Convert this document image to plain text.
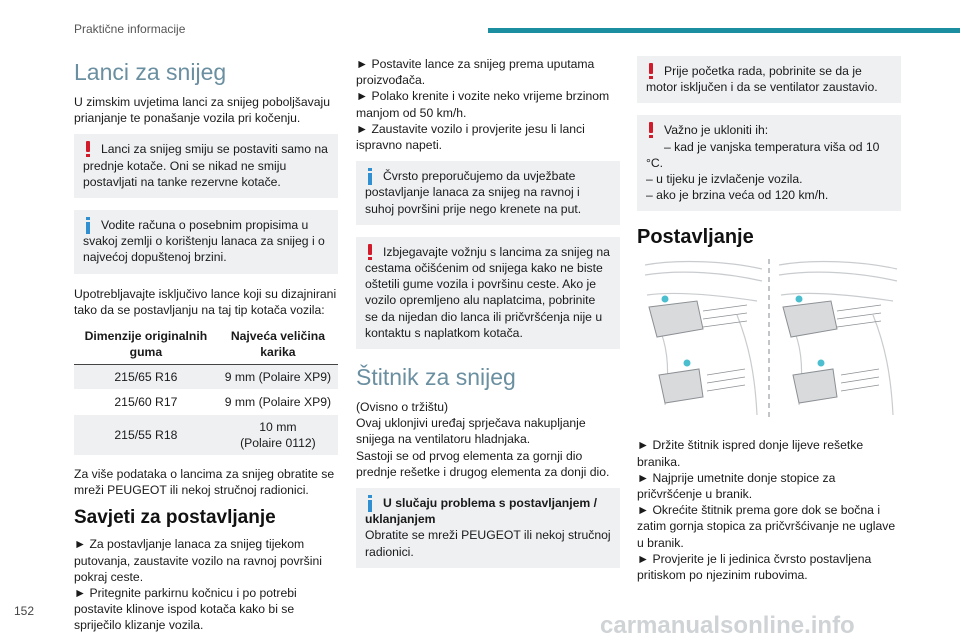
Praktične informacije
Lanci za snijeg

U zimskim uvjetima lanci za snijeg poboljšavaju prianjanje te ponašanje vozila pri kočenju.

Lanci za snijeg smiju se postaviti samo na prednje kotače. Oni se nikad ne smiju postavljati na tanke rezervne kotače.

Vodite računa o posebnim propisima u svakoj zemlji o korištenju lanaca za snijeg i o najvećoj dopuštenoj brzini.

Upotrebljavajte isključivo lance koji su dizajnirani tako da se postavljanju na taj tip kotača vozila:

Dimenzije originalnih guma	Najveća veličina karika
215/65 R16	9 mm (Polaire XP9)
215/60 R17	9 mm (Polaire XP9)
215/55 R18	10 mm
(Polaire 0112)

Za više podataka o lancima za snijeg obratite se mreži PEUGEOT ili nekoj stručnoj radionici.

Savjeti za postavljanje

► Za postavljanje lanaca za snijeg tijekom putovanja, zaustavite vozilo na ravnoj površini pokraj ceste.

► Pritegnite parkirnu kočnicu i po potrebi postavite klinove ispod kotača kako bi se spriječilo klizanje vozila.

► Postavite lance za snijeg prema uputama proizvođača.

► Polako krenite i vozite neko vrijeme brzinom manjom od 50 km/h.

► Zaustavite vozilo i provjerite jesu li lanci ispravno napeti.

Čvrsto preporučujemo da uvježbate postavljanje lanaca za snijeg na ravnoj i suhoj površini prije nego krenete na put.

Izbjegavajte vožnju s lancima za snijeg na cestama očišćenim od snijega kako ne biste oštetili gume vozila i površinu ceste. Ako je vozilo opremljeno alu naplatcima, pobrinite se da nijedan dio lanca ili pričvršćenja nije u kontaktu s naplatkom kotača.

Štitnik za snijeg

(Ovisno o tržištu)

Ovaj uklonjivi uređaj sprječava nakupljanje snijega na ventilatoru hladnjaka.

Sastoji se od prvog elementa za gornji dio prednje rešetke i drugog elementa za donji dio.

U slučaju problema s postavljanjem / uklanjanjem

Obratite se mreži PEUGEOT ili nekoj stručnoj radionici.

Prije početka rada, pobrinite se da je motor isključen i da se ventilator zaustavio.

Važno je ukloniti ih:

– kad je vanjska temperatura viša od 10 °C.

– u tijeku je izvlačenje vozila.

– ako je brzina veća od 120 km/h.

Postavljanje

► Držite štitnik ispred donje lijeve rešetke branika.

► Najprije umetnite donje stopice za pričvršćenje u branik.

► Okrećite štitnik prema gore dok se bočna i zatim gornja stopica za pričvršćivanje ne uglave u branik.

► Provjerite je li jedinica čvrsto postavljena pritiskom po njezinim rubovima.

152
carmanualsonline.info
